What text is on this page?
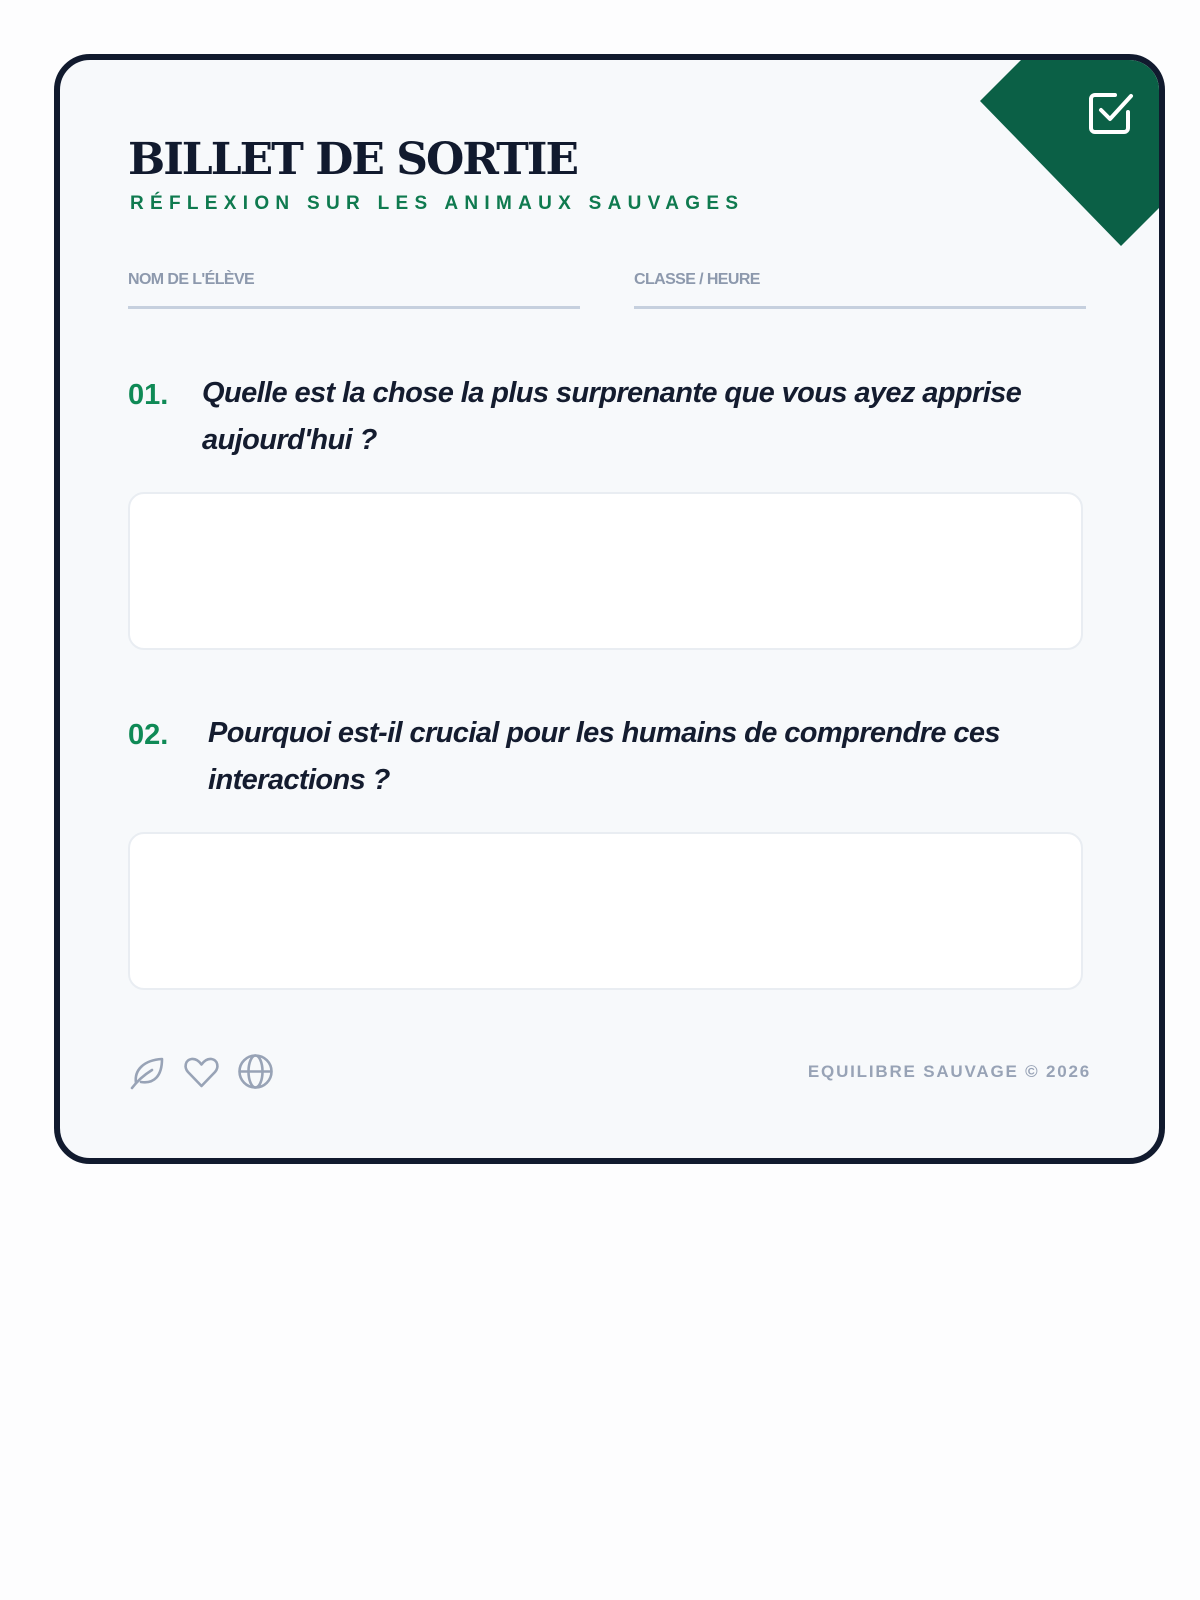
BILLET DE SORTIE
RÉFLEXION SUR LES ANIMAUX SAUVAGES
NOM DE L'ÉLÈVE	CLASSE / HEURE
01. Quelle est la chose la plus surprenante que vous ayez apprise aujourd'hui ?
02. Pourquoi est-il crucial pour les humains de comprendre ces interactions ?
EQUILIBRE SAUVAGE © 2026
